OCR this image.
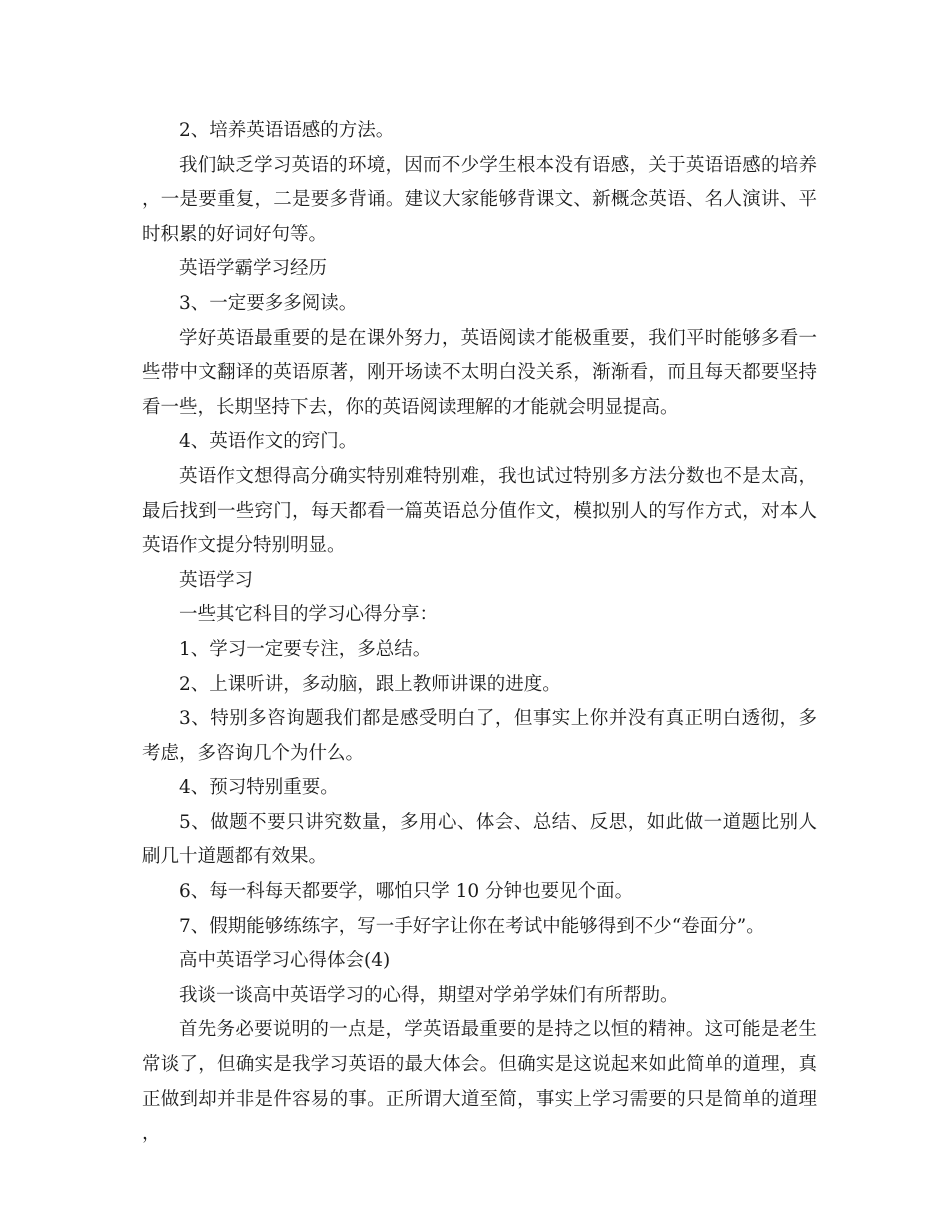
2、培养英语语感的方法。

我们缺乏学习英语的环境，因而不少学生根本没有语感，关于英语语感的培养，一是要重复，二是要多背诵。建议大家能够背课文、新概念英语、名人演讲、平时积累的好词好句等。

英语学霸学习经历

3、一定要多多阅读。

学好英语最重要的是在课外努力，英语阅读才能极重要，我们平时能够多看一些带中文翻译的英语原著，刚开场读不太明白没关系，渐渐看，而且每天都要坚持看一些，长期坚持下去，你的英语阅读理解的才能就会明显提高。

4、英语作文的窍门。

英语作文想得高分确实特别难特别难，我也试过特别多方法分数也不是太高，最后找到一些窍门，每天都看一篇英语总分值作文，模拟别人的写作方式，对本人英语作文提分特别明显。

英语学习

一些其它科目的学习心得分享：

1、学习一定要专注，多总结。

2、上课听讲，多动脑，跟上教师讲课的进度。

3、特别多咨询题我们都是感受明白了，但事实上你并没有真正明白透彻，多考虑，多咨询几个为什么。

4、预习特别重要。

5、做题不要只讲究数量，多用心、体会、总结、反思，如此做一道题比别人刷几十道题都有效果。

6、每一科每天都要学，哪怕只学 10 分钟也要见个面。

7、假期能够练练字，写一手好字让你在考试中能够得到不少“卷面分”。

高中英语学习心得体会(4)

我谈一谈高中英语学习的心得，期望对学弟学妹们有所帮助。

首先务必要说明的一点是，学英语最重要的是持之以恒的精神。这可能是老生常谈了，但确实是我学习英语的最大体会。但确实是这说起来如此简单的道理，真正做到却并非是件容易的事。正所谓大道至简，事实上学习需要的只是简单的道理，
